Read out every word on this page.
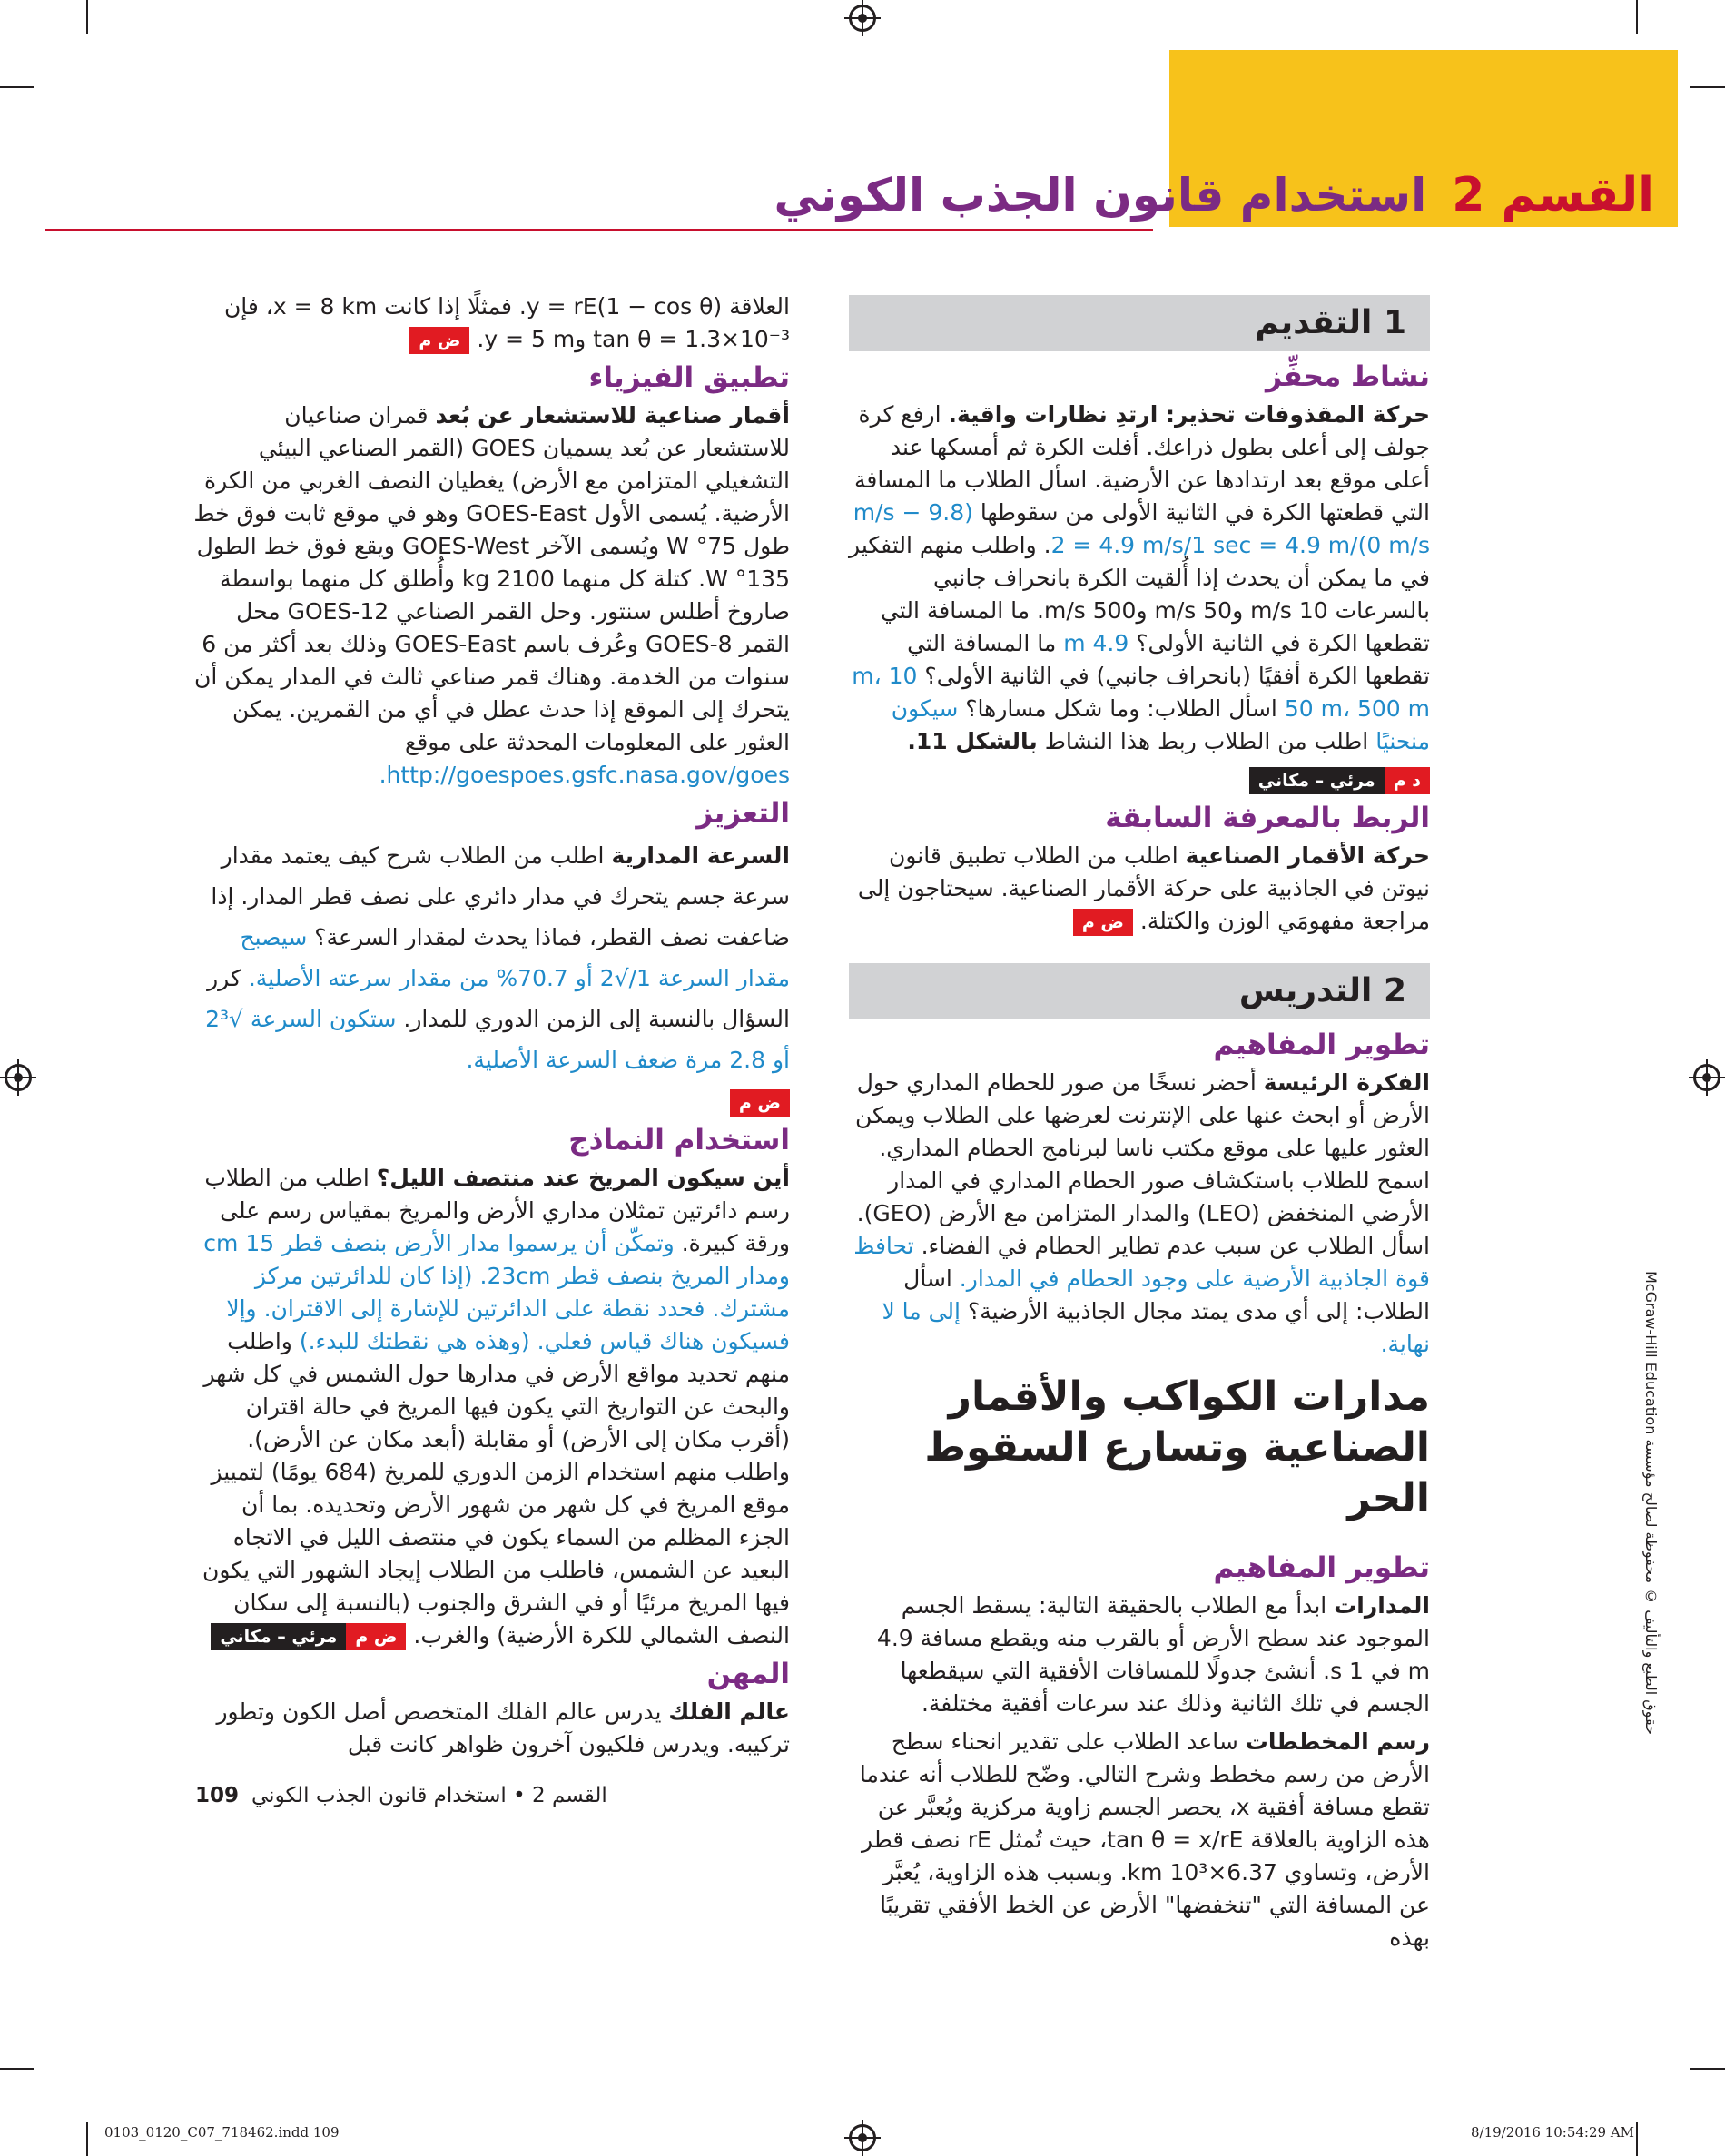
القسم 2
استخدام قانون الجذب الكوني
1 التقديم
نشاط محفِّز

حركة المقذوفات تحذير: ارتدِ نظارات واقية. ارفع كرة جولف إلى أعلى بطول ذراعك. أفلت الكرة ثم أمسكها عند أعلى موقع بعد ارتدادها عن الأرضية. اسأل الطلاب ما المسافة التي قطعتها الكرة في الثانية الأولى من سقوطها (9.8 m/s − 0 m/s)/2 = 4.9 m/s/1 sec = 4.9 m. واطلب منهم التفكير في ما يمكن أن يحدث إذا أُلقيت الكرة بانحراف جانبي بالسرعات 10 m/s و50 m/s و500 m/s. ما المسافة التي تقطعها الكرة في الثانية الأولى؟ 4.9 m ما المسافة التي تقطعها الكرة أفقيًا (بانحراف جانبي) في الثانية الأولى؟ 10 m، 50 m، 500 m اسأل الطلاب: وما شكل مسارها؟ سيكون منحنيًا اطلب من الطلاب ربط هذا النشاط بالشكل 11.

د ممرئي – مكاني

الربط بالمعرفة السابقة

حركة الأقمار الصناعية اطلب من الطلاب تطبيق قانون نيوتن في الجاذبية على حركة الأقمار الصناعية. سيحتاجون إلى مراجعة مفهومَي الوزن والكتلة. ض م

2 التدريس
تطوير المفاهيم

الفكرة الرئيسة أحضر نسخًا من صور للحطام المداري حول الأرض أو ابحث عنها على الإنترنت لعرضها على الطلاب ويمكن العثور عليها على موقع مكتب ناسا لبرنامج الحطام المداري. اسمح للطلاب باستكشاف صور الحطام المداري في المدار الأرضي المنخفض (LEO) والمدار المتزامن مع الأرض (GEO). اسأل الطلاب عن سبب عدم تطاير الحطام في الفضاء. تحافظ قوة الجاذبية الأرضية على وجود الحطام في المدار. اسأل الطلاب: إلى أي مدى يمتد مجال الجاذبية الأرضية؟ إلى ما لا نهاية.

مدارات الكواكب والأقمار الصناعية وتسارع السقوط الحر
تطوير المفاهيم

المدارات ابدأ مع الطلاب بالحقيقة التالية: يسقط الجسم الموجود عند سطح الأرض أو بالقرب منه ويقطع مسافة 4.9 m في 1 s. أنشئ جدولًا للمسافات الأفقية التي سيقطعها الجسم في تلك الثانية وذلك عند سرعات أفقية مختلفة.

رسم المخططات ساعد الطلاب على تقدير انحناء سطح الأرض من رسم مخطط وشرح التالي. وضّح للطلاب أنه عندما تقطع مسافة أفقية x، يحصر الجسم زاوية مركزية ويُعبَّر عن هذه الزاوية بالعلاقة tan θ = x/rE، حيث تُمثل rE نصف قطر الأرض، وتساوي 6.37×10³ km. وبسبب هذه الزاوية، يُعبَّر عن المسافة التي "تنخفضها" الأرض عن الخط الأفقي تقريبًا بهذه

العلاقة y = rE(1 − cos θ). فمثلًا إذا كانت x = 8 km، فإن tan θ = 1.3×10⁻³ وy = 5 m. ض م

تطبيق الفيزياء

أقمار صناعية للاستشعار عن بُعد قمران صناعيان للاستشعار عن بُعد يسميان GOES (القمر الصناعي البيئي التشغيلي المتزامن مع الأرض) يغطيان النصف الغربي من الكرة الأرضية. يُسمى الأول GOES-East وهو في موقع ثابت فوق خط طول 75° W ويُسمى الآخر GOES-West ويقع فوق خط الطول 135° W. كتلة كل منهما 2100 kg وأُطلق كل منهما بواسطة صاروخ أطلس سنتور. وحل القمر الصناعي GOES-12 محل القمر GOES-8 وعُرف باسم GOES-East وذلك بعد أكثر من 6 سنوات من الخدمة. وهناك قمر صناعي ثالث في المدار يمكن أن يتحرك إلى الموقع إذا حدث عطل في أي من القمرين. يمكن العثور على المعلومات المحدثة على موقع http://goespoes.gsfc.nasa.gov/goes.

التعزيز

السرعة المدارية اطلب من الطلاب شرح كيف يعتمد مقدار سرعة جسم يتحرك في مدار دائري على نصف قطر المدار. إذا ضاعفت نصف القطر، فماذا يحدث لمقدار السرعة؟ سيصبح مقدار السرعة 1/√2 أو 70.7% من مقدار سرعته الأصلية. كرر السؤال بالنسبة إلى الزمن الدوري للمدار. ستكون السرعة √2³ أو 2.8 مرة ضعف السرعة الأصلية.

ض م

استخدام النماذج

أين سيكون المريخ عند منتصف الليل؟ اطلب من الطلاب رسم دائرتين تمثلان مداري الأرض والمريخ بمقياس رسم على ورقة كبيرة. وتمكّن أن يرسموا مدار الأرض بنصف قطر 15 cm ومدار المريخ بنصف قطر 23cm. (إذا كان للدائرتين مركز مشترك. فحدد نقطة على الدائرتين للإشارة إلى الاقتران. وإلا فسيكون هناك قياس فعلي. (وهذه هي نقطتك للبدء.) واطلب منهم تحديد مواقع الأرض في مدارها حول الشمس في كل شهر والبحث عن التواريخ التي يكون فيها المريخ في حالة اقتران (أقرب مكان إلى الأرض) أو مقابلة (أبعد مكان عن الأرض). واطلب منهم استخدام الزمن الدوري للمريخ (684 يومًا) لتمييز موقع المريخ في كل شهر من شهور الأرض وتحديده. بما أن الجزء المظلم من السماء يكون في منتصف الليل في الاتجاه البعيد عن الشمس، فاطلب من الطلاب إيجاد الشهور التي يكون فيها المريخ مرئيًا أو في الشرق والجنوب (بالنسبة إلى سكان النصف الشمالي للكرة الأرضية) والغرب. ض ممرئي – مكاني

المهن

عالم الفلك يدرس عالم الفلك المتخصص أصل الكون وتطور تركيبه. ويدرس فلكيون آخرون ظواهر كانت قبل

حقوق الطبع والتأليف © محفوظة لصالح مؤسسة McGraw-Hill Education
109 القسم 2 • استخدام قانون الجذب الكوني
0103_0120_C07_718462.indd 109	8/19/2016 10:54:29 AM
